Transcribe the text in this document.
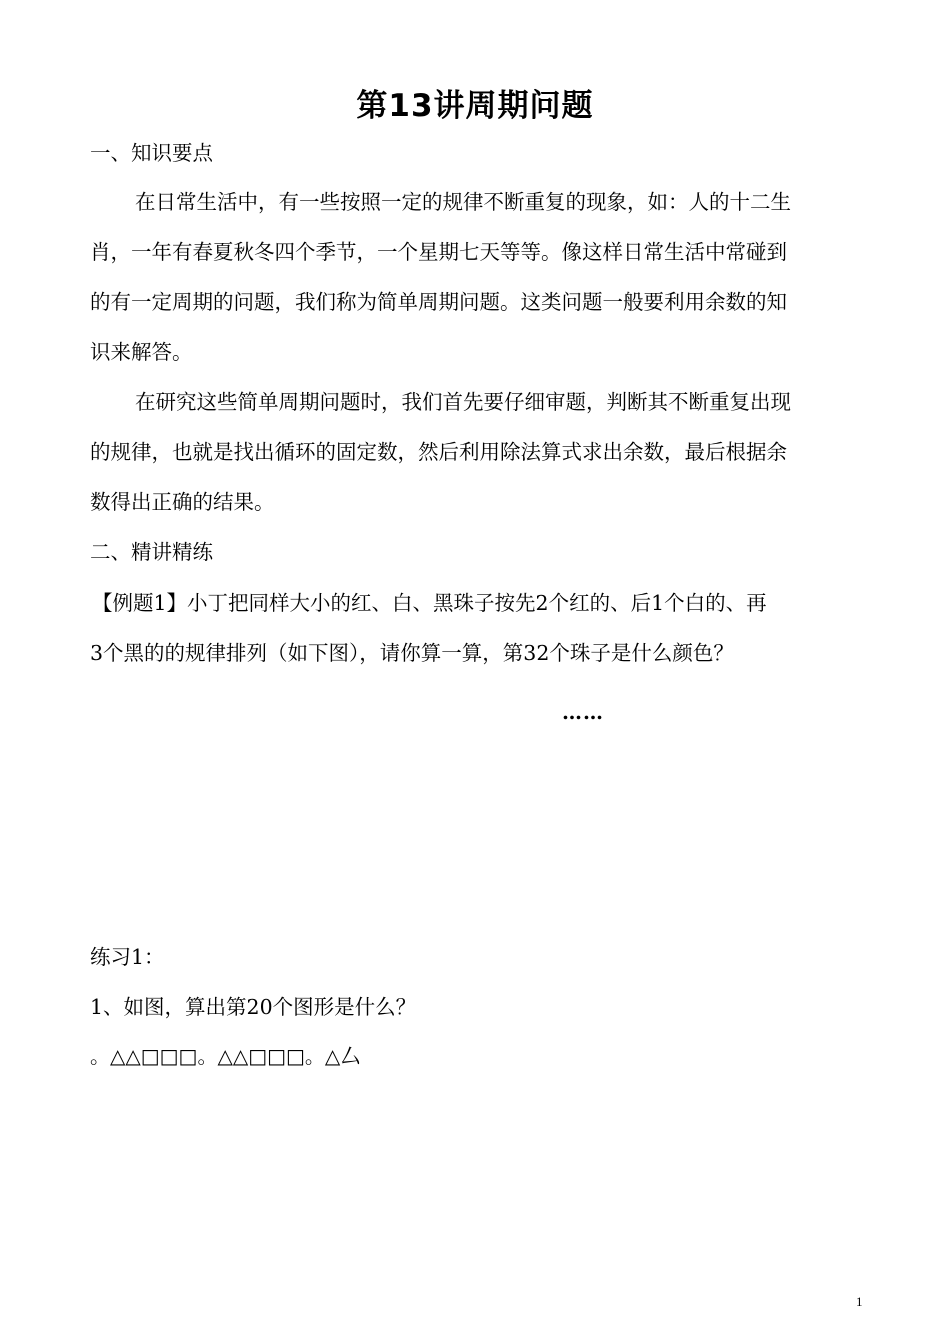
第13讲周期问题
一、知识要点
在日常生活中，有一些按照一定的规律不断重复的现象，如：人的十二生
肖，一年有春夏秋冬四个季节，一个星期七天等等。像这样日常生活中常碰到
的有一定周期的问题，我们称为简单周期问题。这类问题一般要利用余数的知
识来解答。
在研究这些简单周期问题时，我们首先要仔细审题，判断其不断重复出现
的规律，也就是找出循环的固定数，然后利用除法算式求出余数，最后根据余
数得出正确的结果。
二、精讲精练
【例题1】小丁把同样大小的红、白、黑珠子按先2个红的、后1个白的、再
3个黑的的规律排列（如下图），请你算一算，第32个珠子是什么颜色？
……
练习1：
1、如图，算出第20个图形是什么？
。△△□□□。△△□□□。△厶
1
